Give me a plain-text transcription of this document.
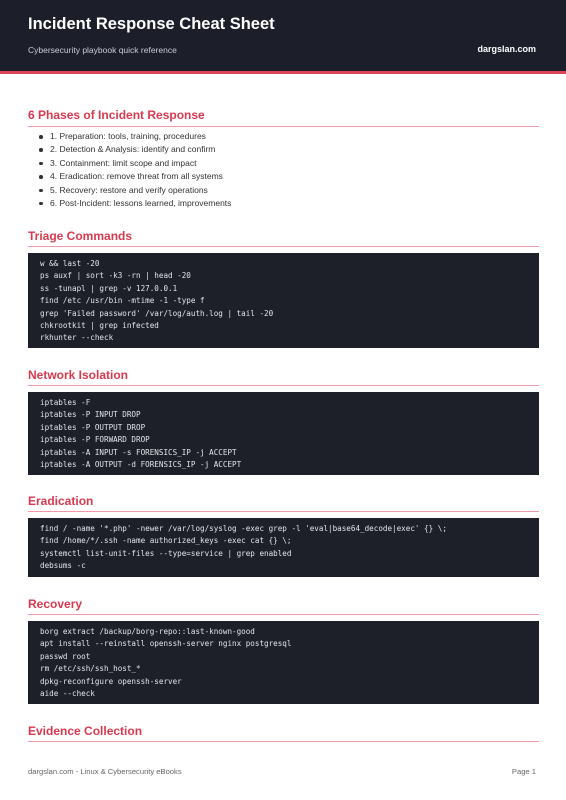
Incident Response Cheat Sheet
Cybersecurity playbook quick reference	dargslan.com
6 Phases of Incident Response
1. Preparation: tools, training, procedures
2. Detection & Analysis: identify and confirm
3. Containment: limit scope and impact
4. Eradication: remove threat from all systems
5. Recovery: restore and verify operations
6. Post-Incident: lessons learned, improvements
Triage Commands
w && last -20
ps auxf | sort -k3 -rn | head -20
ss -tunapl | grep -v 127.0.0.1
find /etc /usr/bin -mtime -1 -type f
grep 'Failed password' /var/log/auth.log | tail -20
chkrootkit | grep infected
rkhunter --check
Network Isolation
iptables -F
iptables -P INPUT DROP
iptables -P OUTPUT DROP
iptables -P FORWARD DROP
iptables -A INPUT -s FORENSICS_IP -j ACCEPT
iptables -A OUTPUT -d FORENSICS_IP -j ACCEPT
Eradication
find / -name '*.php' -newer /var/log/syslog -exec grep -l 'eval|base64_decode|exec' {} \;
find /home/*/.ssh -name authorized_keys -exec cat {} \;
systemctl list-unit-files --type=service | grep enabled
debsums -c
Recovery
borg extract /backup/borg-repo::last-known-good
apt install --reinstall openssh-server nginx postgresql
passwd root
rm /etc/ssh/ssh_host_*
dpkg-reconfigure openssh-server
aide --check
Evidence Collection
dargslan.com - Linux & Cybersecurity eBooks	Page 1
